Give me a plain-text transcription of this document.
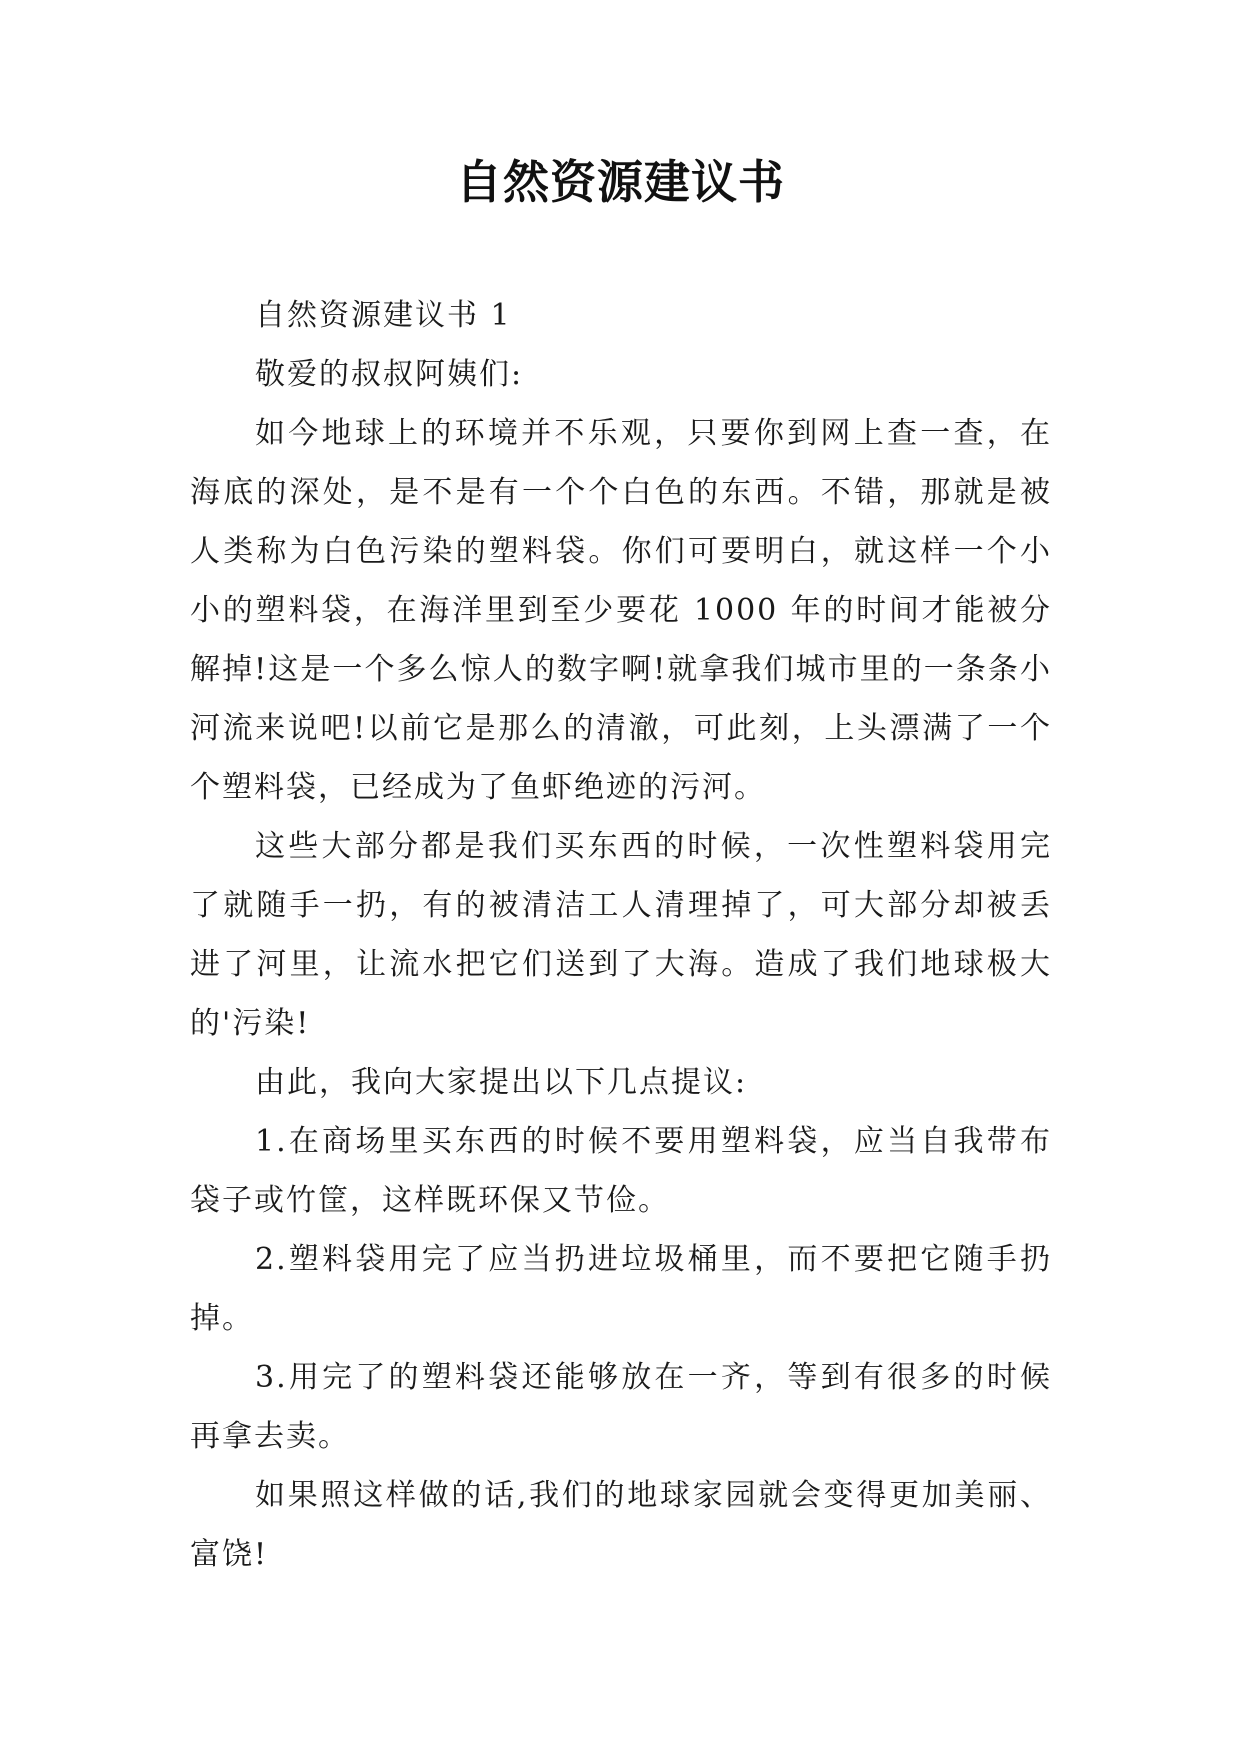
自然资源建议书

自然资源建议书 1

敬爱的叔叔阿姨们:

如今地球上的环境并不乐观，只要你到网上查一查，在海底的深处，是不是有一个个白色的东西。不错，那就是被人类称为白色污染的塑料袋。你们可要明白，就这样一个小小的塑料袋，在海洋里到至少要花 1000 年的时间才能被分解掉!这是一个多么惊人的数字啊!就拿我们城市里的一条条小河流来说吧!以前它是那么的清澈，可此刻，上头漂满了一个个塑料袋，已经成为了鱼虾绝迹的污河。

这些大部分都是我们买东西的时候，一次性塑料袋用完了就随手一扔，有的被清洁工人清理掉了，可大部分却被丢进了河里，让流水把它们送到了大海。造成了我们地球极大的'污染!

由此，我向大家提出以下几点提议:

1.在商场里买东西的时候不要用塑料袋，应当自我带布袋子或竹筐，这样既环保又节俭。

2.塑料袋用完了应当扔进垃圾桶里，而不要把它随手扔掉。

3.用完了的塑料袋还能够放在一齐，等到有很多的时候再拿去卖。

如果照这样做的话,我们的地球家园就会变得更加美丽、富饶!
